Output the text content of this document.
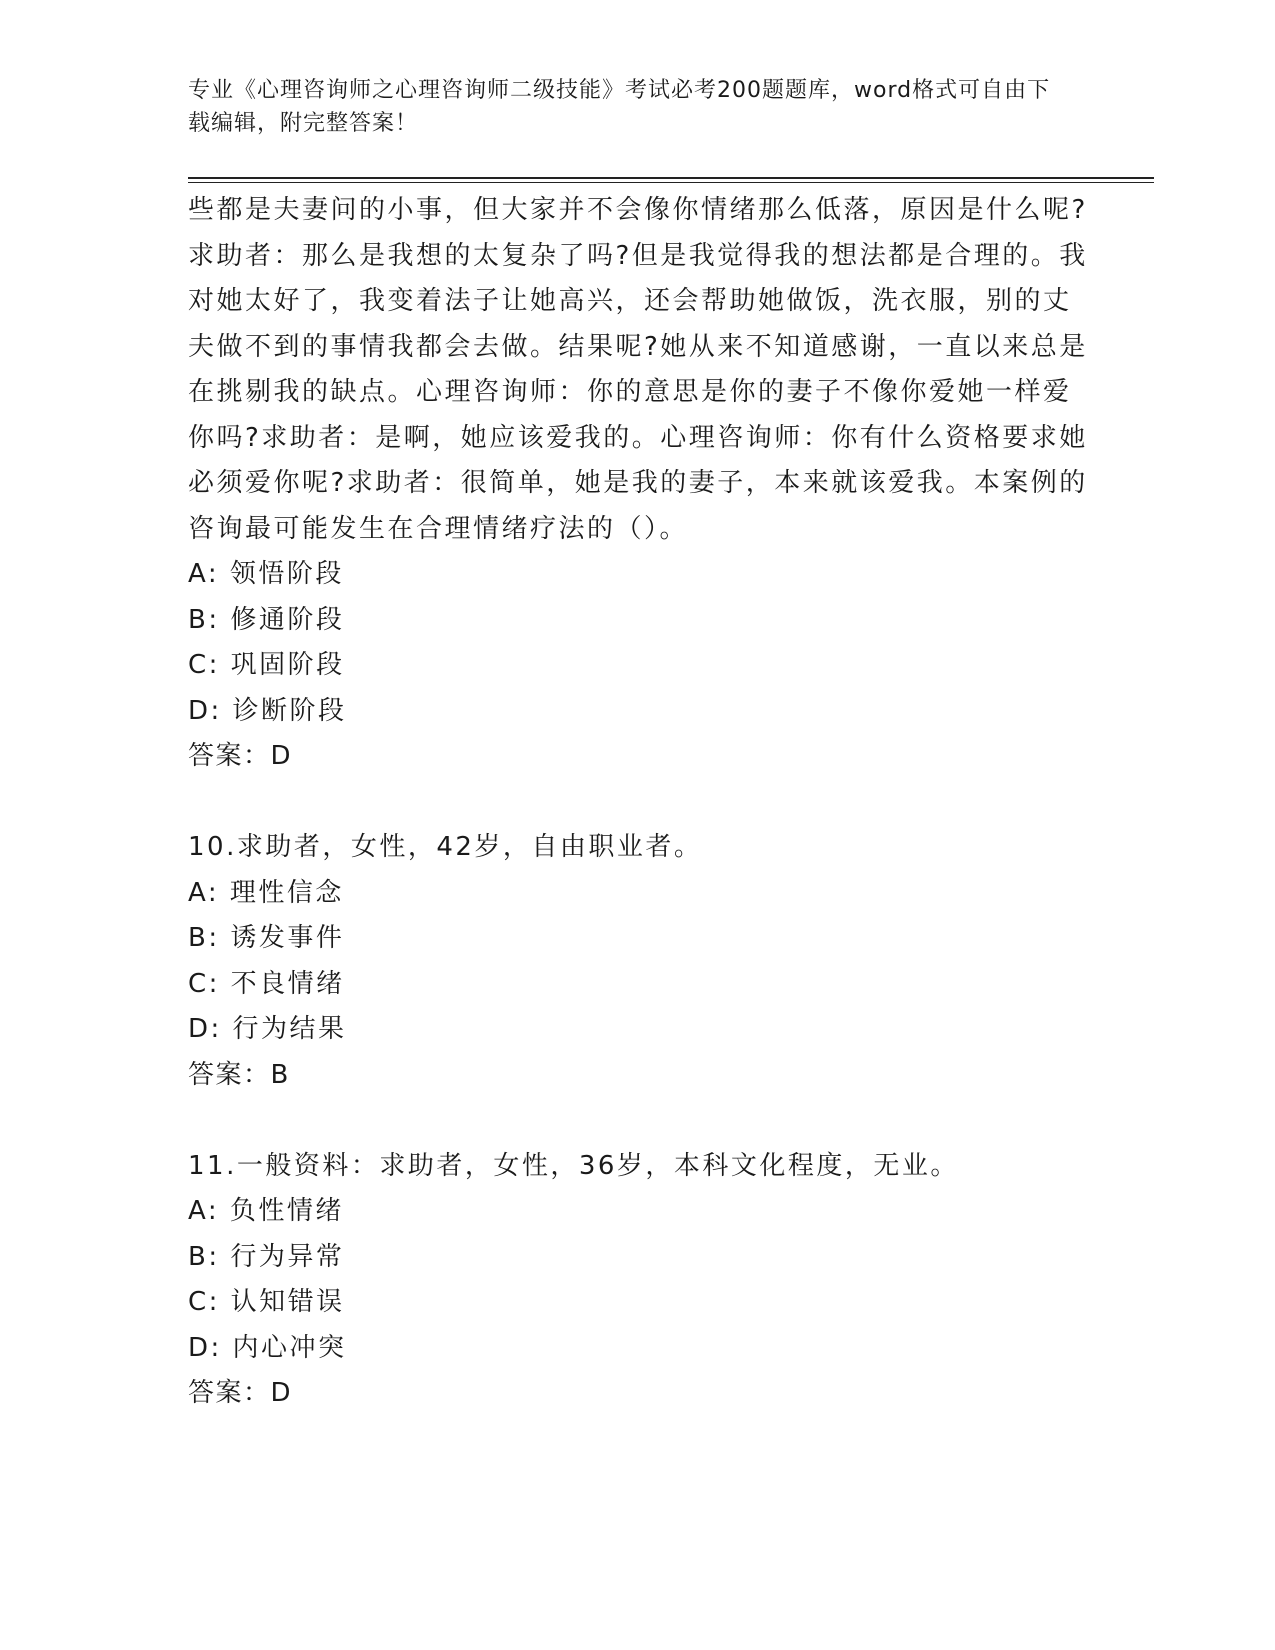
专业《心理咨询师之心理咨询师二级技能》考试必考200题题库，word格式可自由下载编辑，附完整答案！

些都是夫妻问的小事，但大家并不会像你情绪那么低落，原因是什么呢?求助者：那么是我想的太复杂了吗?但是我觉得我的想法都是合理的。我对她太好了，我变着法子让她高兴，还会帮助她做饭，洗衣服，别的丈夫做不到的事情我都会去做。结果呢?她从来不知道感谢，一直以来总是在挑剔我的缺点。心理咨询师：你的意思是你的妻子不像你爱她一样爱你吗?求助者：是啊，她应该爱我的。心理咨询师：你有什么资格要求她必须爱你呢?求助者：很简单，她是我的妻子，本来就该爱我。本案例的咨询最可能发生在合理情绪疗法的（）。

A: 领悟阶段

B: 修通阶段

C: 巩固阶段

D: 诊断阶段

答案：D

10.求助者，女性，42岁，自由职业者。

A: 理性信念

B: 诱发事件

C: 不良情绪

D: 行为结果

答案：B

11.一般资料：求助者，女性，36岁，本科文化程度，无业。

A: 负性情绪

B: 行为异常

C: 认知错误

D: 内心冲突

答案：D
